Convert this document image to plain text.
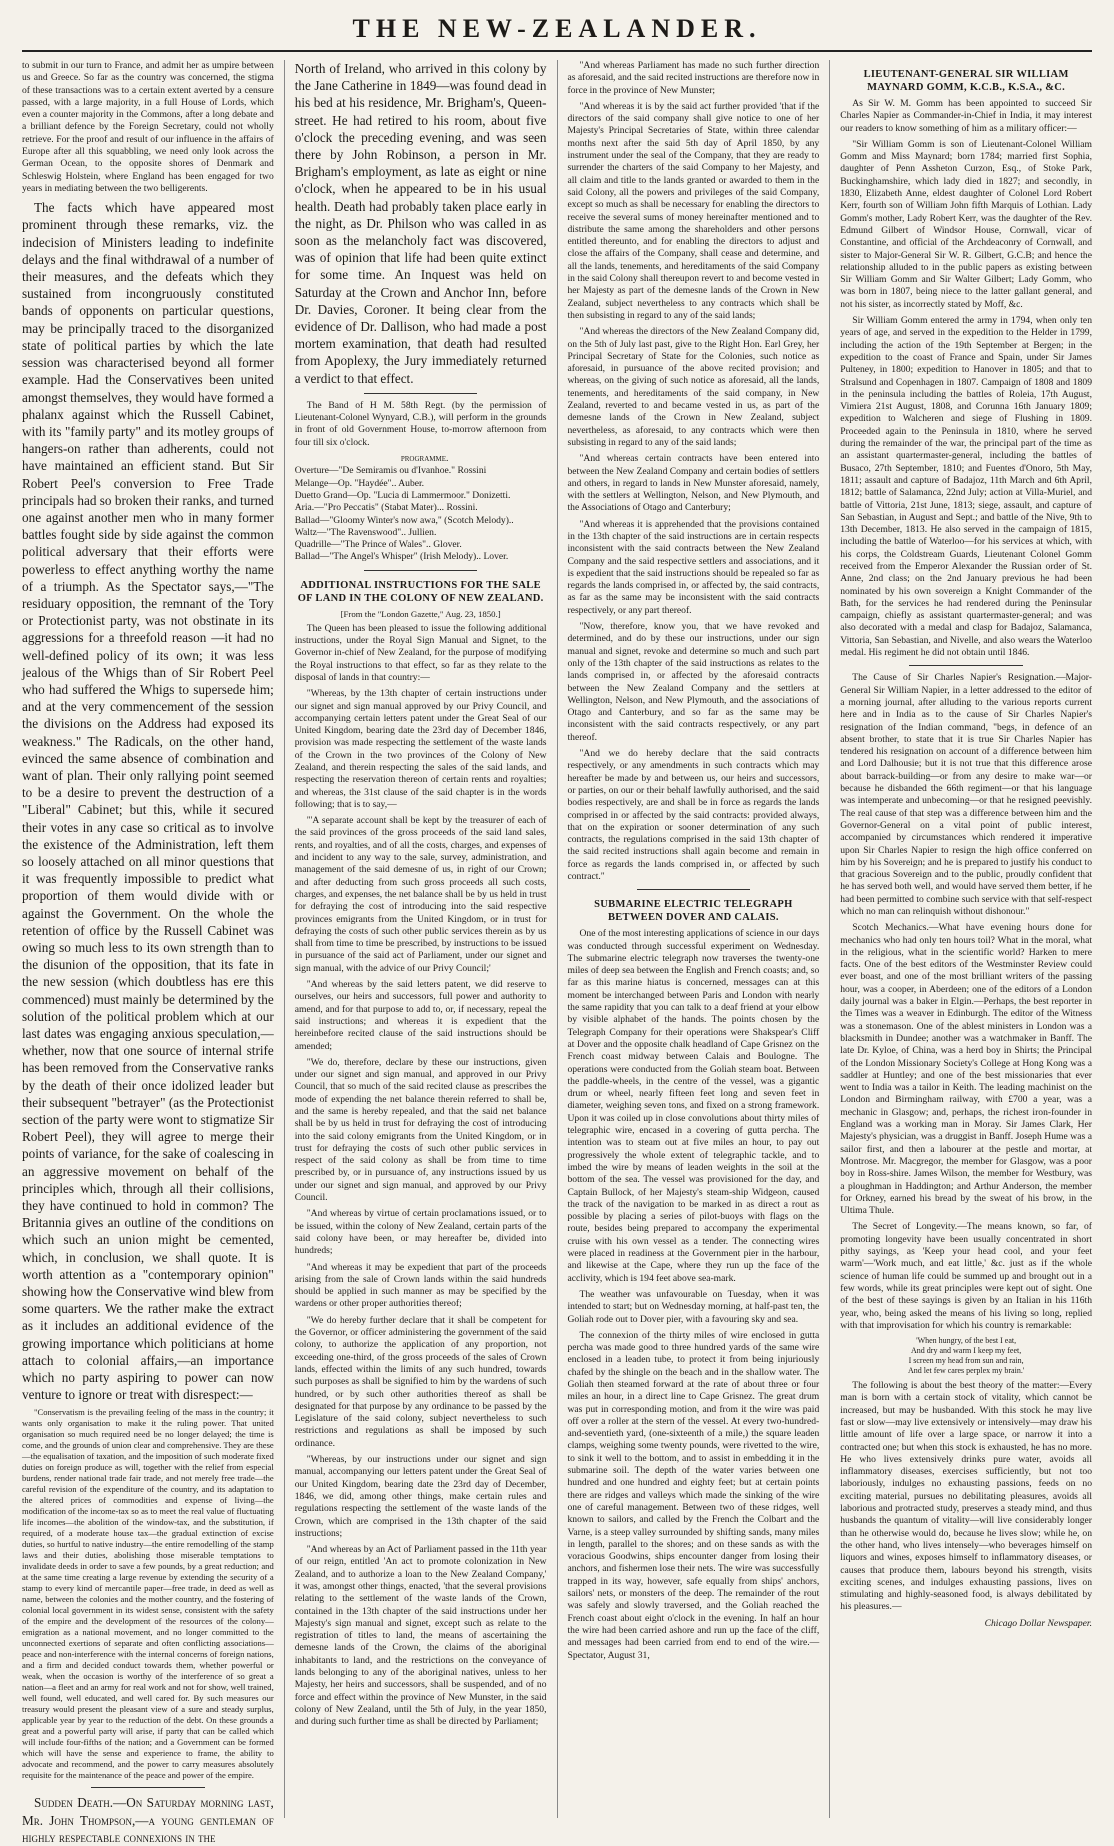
THE NEW-ZEALANDER.

to submit in our turn to France, and admit her as umpire between us and Greece. So far as the country was concerned, the stigma of these transactions was to a certain extent averted by a censure passed, with a large majority, in a full House of Lords, which even a counter majority in the Commons, after a long debate and a brilliant defence by the Foreign Secretary, could not wholly retrieve. For the proof and result of our influence in the affairs of Europe after all this squabbling, we need only look across the German Ocean, to the opposite shores of Denmark and Schleswig Holstein, where England has been engaged for two years in mediating between the two belligerents.

The facts which have appeared most prominent through these remarks, viz. the indecision of Ministers leading to indefinite delays and the final withdrawal of a number of their measures, and the defeats which they sustained from incongruously constituted bands of opponents on particular questions, may be principally traced to the disorganized state of political parties by which the late session was characterised beyond all former example. Had the Conservatives been united amongst themselves, they would have formed a phalanx against which the Russell Cabinet, with its "family party" and its motley groups of hangers-on rather than adherents, could not have maintained an efficient stand. But Sir Robert Peel's conversion to Free Trade principals had so broken their ranks, and turned one against another men who in many former battles fought side by side against the common political adversary that their efforts were powerless to effect anything worthy the name of a triumph. As the Spectator says,—"The residuary opposition, the remnant of the Tory or Protectionist party, was not obstinate in its aggressions for a threefold reason —it had no well-defined policy of its own; it was less jealous of the Whigs than of Sir Robert Peel who had suffered the Whigs to supersede him; and at the very commencement of the session the divisions on the Address had exposed its weakness." The Radicals, on the other hand, evinced the same absence of combination and want of plan. Their only rallying point seemed to be a desire to prevent the destruction of a "Liberal" Cabinet; but this, while it secured their votes in any case so critical as to involve the existence of the Administration, left them so loosely attached on all minor questions that it was frequently impossible to predict what proportion of them would divide with or against the Government. On the whole the retention of office by the Russell Cabinet was owing so much less to its own strength than to the disunion of the opposition, that its fate in the new session (which doubtless has ere this commenced) must mainly be determined by the solution of the political problem which at our last dates was engaging anxious speculation,—whether, now that one source of internal strife has been removed from the Conservative ranks by the death of their once idolized leader but their subsequent "betrayer" (as the Protectionist section of the party were wont to stigmatize Sir Robert Peel), they will agree to merge their points of variance, for the sake of coalescing in an aggressive movement on behalf of the principles which, through all their collisions, they have continued to hold in common? The Britannia gives an outline of the conditions on which such an union might be cemented, which, in conclusion, we shall quote. It is worth attention as a "contemporary opinion" showing how the Conservative wind blew from some quarters. We the rather make the extract as it includes an additional evidence of the growing importance which politicians at home attach to colonial affairs,—an importance which no party aspiring to power can now venture to ignore or treat with disrespect:—

"Conservatism is the prevailing feeling of the mass in the country; it wants only organisation to make it the ruling power. That united organisation so much required need be no longer delayed; the time is come, and the grounds of union clear and comprehensive. They are these—the equalisation of taxation, and the imposition of such moderate fixed duties on foreign produce as will, together with the relief from especial burdens, render national trade fair trade, and not merely free trade—the careful revision of the expenditure of the country, and its adaptation to the altered prices of commodities and expense of living—the modification of the income-tax so as to meet the real value of fluctuating life incomes—the abolition of the window-tax, and the substitution, if required, of a moderate house tax—the gradual extinction of excise duties, so hurtful to native industry—the entire remodelling of the stamp laws and their duties, abolishing those miserable temptations to invalidate deeds in order to save a few pounds, by a great reduction; and at the same time creating a large revenue by extending the security of a stamp to every kind of mercantile paper—free trade, in deed as well as name, between the colonies and the mother country, and the fostering of colonial local government in its widest sense, consistent with the safety of the empire and the development of the resources of the colony—emigration as a national movement, and no longer committed to the unconnected exertions of separate and often conflicting associations—peace and non-interference with the internal concerns of foreign nations, and a firm and decided conduct towards them, whether powerful or weak, when the occasion is worthy of the interference of so great a nation—a fleet and an army for real work and not for show, well trained, well found, well educated, and well cared for. By such measures our treasury would present the pleasant view of a sure and steady surplus, applicable year by year to the reduction of the debt. On these grounds a great and a powerful party will arise, if party that can be called which will include four-fifths of the nation; and a Government can be formed which will have the sense and experience to frame, the ability to advocate and recommend, and the power to carry measures absolutely requisite for the maintenance of the peace and power of the empire.

Sudden Death.—On Saturday morning last, Mr. John Thompson,—a young gentleman of highly respectable connexions in the

North of Ireland, who arrived in this colony by the Jane Catherine in 1849—was found dead in his bed at his residence, Mr. Brigham's, Queen-street. He had retired to his room, about five o'clock the preceding evening, and was seen there by John Robinson, a person in Mr. Brigham's employment, as late as eight or nine o'clock, when he appeared to be in his usual health. Death had probably taken place early in the night, as Dr. Philson who was called in as soon as the melancholy fact was discovered, was of opinion that life had been quite extinct for some time. An Inquest was held on Saturday at the Crown and Anchor Inn, before Dr. Davies, Coroner. It being clear from the evidence of Dr. Dallison, who had made a post mortem examination, that death had resulted from Apoplexy, the Jury immediately returned a verdict to that effect.

The Band of H M. 58th Regt. (by the permission of Lieutenant-Colonel Wynyard, C.B.), will perform in the grounds in front of old Government House, to-morrow afternoon from four till six o'clock.

programme.
Overture—"De Semiramis ou d'Ivanhoe." Rossini
Melange—Op. "Haydée".. Auber.
Duetto Grand—Op. "Lucia di Lammermoor." Donizetti.
Aria.—"Pro Peccatis" (Stabat Mater)... Rossini.
Ballad—"Gloomy Winter's now awa," (Scotch Melody)..
Waltz—"The Ravenswood".. Jullien.
Quadrille—"The Prince of Wales".. Glover.
Ballad—"The Angel's Whisper" (Irish Melody).. Lover.
ADDITIONAL INSTRUCTIONS FOR THE SALE OF LAND IN THE COLONY OF NEW ZEALAND.
[From the "London Gazette," Aug. 23, 1850.]

The Queen has been pleased to issue the following additional instructions, under the Royal Sign Manual and Signet, to the Governor in-chief of New Zealand, for the purpose of modifying the Royal instructions to that effect, so far as they relate to the disposal of lands in that country:—

"Whereas, by the 13th chapter of certain instructions under our signet and sign manual approved by our Privy Council, and accompanying certain letters patent under the Great Seal of our United Kingdom, bearing date the 23rd day of December 1846, provision was made respecting the settlement of the waste lands of the Crown in the two provinces of the Colony of New Zealand, and therein respecting the sales of the said lands, and respecting the reservation thereon of certain rents and royalties; and whereas, the 31st clause of the said chapter is in the words following; that is to say,—

"'A separate account shall be kept by the treasurer of each of the said provinces of the gross proceeds of the said land sales, rents, and royalties, and of all the costs, charges, and expenses of and incident to any way to the sale, survey, administration, and management of the said demesne of us, in right of our Crown; and after deducting from such gross proceeds all such costs, charges, and expenses, the net balance shall be by us held in trust for defraying the cost of introducing into the said respective provinces emigrants from the United Kingdom, or in trust for defraying the costs of such other public services therein as by us shall from time to time be prescribed, by instructions to be issued in pursuance of the said act of Parliament, under our signet and sign manual, with the advice of our Privy Council;'

"And whereas by the said letters patent, we did reserve to ourselves, our heirs and successors, full power and authority to amend, and for that purpose to add to, or, if necessary, repeal the said instructions; and whereas it is expedient that the hereinbefore recited clause of the said instructions should be amended;

"We do, therefore, declare by these our instructions, given under our signet and sign manual, and approved in our Privy Council, that so much of the said recited clause as prescribes the mode of expending the net balance therein referred to shall be, and the same is hereby repealed, and that the said net balance shall be by us held in trust for defraying the cost of introducing into the said colony emigrants from the United Kingdom, or in trust for defraying the costs of such other public services in respect of the said colony as shall be from time to time prescribed by, or in pursuance of, any instructions issued by us under our signet and sign manual, and approved by our Privy Council.

"And whereas by virtue of certain proclamations issued, or to be issued, within the colony of New Zealand, certain parts of the said colony have been, or may hereafter be, divided into hundreds;

"And whereas it may be expedient that part of the proceeds arising from the sale of Crown lands within the said hundreds should be applied in such manner as may be specified by the wardens or other proper authorities thereof;

"We do hereby further declare that it shall be competent for the Governor, or officer administering the government of the said colony, to authorize the application of any proportion, not exceeding one-third, of the gross proceeds of the sales of Crown lands, effected within the limits of any such hundred, towards such purposes as shall be signified to him by the wardens of such hundred, or by such other authorities thereof as shall be designated for that purpose by any ordinance to be passed by the Legislature of the said colony, subject nevertheless to such restrictions and regulations as shall be imposed by such ordinance.

"Whereas, by our instructions under our signet and sign manual, accompanying our letters patent under the Great Seal of our United Kingdom, bearing date the 23rd day of December, 1846, we did, among other things, make certain rules and regulations respecting the settlement of the waste lands of the Crown, which are comprised in the 13th chapter of the said instructions;

"And whereas by an Act of Parliament passed in the 11th year of our reign, entitled 'An act to promote colonization in New Zealand, and to authorize a loan to the New Zealand Company,' it was, amongst other things, enacted, 'that the several provisions relating to the settlement of the waste lands of the Crown, contained in the 13th chapter of the said instructions under her Majesty's sign manual and signet, except such as relate to the registration of titles to land, the means of ascertaining the demesne lands of the Crown, the claims of the aboriginal inhabitants to land, and the restrictions on the conveyance of lands belonging to any of the aboriginal natives, unless to her Majesty, her heirs and successors, shall be suspended, and of no force and effect within the province of New Munster, in the said colony of New Zealand, until the 5th of July, in the year 1850, and during such further time as shall be directed by Parliament;

"And whereas Parliament has made no such further direction as aforesaid, and the said recited instructions are therefore now in force in the province of New Munster;

"And whereas it is by the said act further provided 'that if the directors of the said company shall give notice to one of her Majesty's Principal Secretaries of State, within three calendar months next after the said 5th day of April 1850, by any instrument under the seal of the Company, that they are ready to surrender the charters of the said Company to her Majesty, and all claim and title to the lands granted or awarded to them in the said Colony, all the powers and privileges of the said Company, except so much as shall be necessary for enabling the directors to receive the several sums of money hereinafter mentioned and to distribute the same among the shareholders and other persons entitled thereunto, and for enabling the directors to adjust and close the affairs of the Company, shall cease and determine, and all the lands, tenements, and hereditaments of the said Company in the said Colony shall thereupon revert to and become vested in her Majesty as part of the demesne lands of the Crown in New Zealand, subject nevertheless to any contracts which shall be then subsisting in regard to any of the said lands;

"And whereas the directors of the New Zealand Company did, on the 5th of July last past, give to the Right Hon. Earl Grey, her Principal Secretary of State for the Colonies, such notice as aforesaid, in pursuance of the above recited provision; and whereas, on the giving of such notice as aforesaid, all the lands, tenements, and hereditaments of the said company, in New Zealand, reverted to and became vested in us, as part of the demesne lands of the Crown in New Zealand, subject nevertheless, as aforesaid, to any contracts which were then subsisting in regard to any of the said lands;

"And whereas certain contracts have been entered into between the New Zealand Company and certain bodies of settlers and others, in regard to lands in New Munster aforesaid, namely, with the settlers at Wellington, Nelson, and New Plymouth, and the Associations of Otago and Canterbury;

"And whereas it is apprehended that the provisions contained in the 13th chapter of the said instructions are in certain respects inconsistent with the said contracts between the New Zealand Company and the said respective settlers and associations, and it is expedient that the said instructions should be repealed so far as regards the lands comprised in, or affected by, the said contracts, as far as the same may be inconsistent with the said contracts respectively, or any part thereof.

"Now, therefore, know you, that we have revoked and determined, and do by these our instructions, under our sign manual and signet, revoke and determine so much and such part only of the 13th chapter of the said instructions as relates to the lands comprised in, or affected by the aforesaid contracts between the New Zealand Company and the settlers at Wellington, Nelson, and New Plymouth, and the associations of Otago and Canterbury, and so far as the same may be inconsistent with the said contracts respectively, or any part thereof.

"And we do hereby declare that the said contracts respectively, or any amendments in such contracts which may hereafter be made by and between us, our heirs and successors, or parties, on our or their behalf lawfully authorised, and the said bodies respectively, are and shall be in force as regards the lands comprised in or affected by the said contracts: provided always, that on the expiration or sooner determination of any such contracts, the regulations comprised in the said 13th chapter of the said recited instructions shall again become and remain in force as regards the lands comprised in, or affected by such contract."

SUBMARINE ELECTRIC TELEGRAPH BETWEEN DOVER AND CALAIS.

One of the most interesting applications of science in our days was conducted through successful experiment on Wednesday. The submarine electric telegraph now traverses the twenty-one miles of deep sea between the English and French coasts; and, so far as this marine hiatus is concerned, messages can at this moment be interchanged between Paris and London with nearly the same rapidity that you can talk to a deaf friend at your elbow by visible alphabet of the hands. The points chosen by the Telegraph Company for their operations were Shakspear's Cliff at Dover and the opposite chalk headland of Cape Grisnez on the French coast midway between Calais and Boulogne. The operations were conducted from the Goliah steam boat. Between the paddle-wheels, in the centre of the vessel, was a gigantic drum or wheel, nearly fifteen feet long and seven feet in diameter, weighing seven tons, and fixed on a strong framework. Upon it was coiled up in close convolutions about thirty miles of telegraphic wire, encased in a covering of gutta percha. The intention was to steam out at five miles an hour, to pay out progressively the whole extent of telegraphic tackle, and to imbed the wire by means of leaden weights in the soil at the bottom of the sea. The vessel was provisioned for the day, and Captain Bullock, of her Majesty's steam-ship Widgeon, caused the track of the navigation to be marked in as direct a rout as possible by placing a series of pilot-buoys with flags on the route, besides being prepared to accompany the experimental cruise with his own vessel as a tender. The connecting wires were placed in readiness at the Government pier in the harbour, and likewise at the Cape, where they run up the face of the acclivity, which is 194 feet above sea-mark.

The weather was unfavourable on Tuesday, when it was intended to start; but on Wednesday morning, at half-past ten, the Goliah rode out to Dover pier, with a favouring sky and sea.

The connexion of the thirty miles of wire enclosed in gutta percha was made good to three hundred yards of the same wire enclosed in a leaden tube, to protect it from being injuriously chafed by the shingle on the beach and in the shallow water. The Goliah then steamed forward at the rate of about three or four miles an hour, in a direct line to Cape Grisnez. The great drum was put in corresponding motion, and from it the wire was paid off over a roller at the stern of the vessel. At every two-hundred-and-seventieth yard, (one-sixteenth of a mile,) the square leaden clamps, weighing some twenty pounds, were rivetted to the wire, to sink it well to the bottom, and to assist in embedding it in the submarine soil. The depth of the water varies between one hundred and one hundred and eighty feet; but at certain points there are ridges and valleys which made the sinking of the wire one of careful management. Between two of these ridges, well known to sailors, and called by the French the Colbart and the Varne, is a steep valley surrounded by shifting sands, many miles in length, parallel to the shores; and on these sands as with the voracious Goodwins, ships encounter danger from losing their anchors, and fishermen lose their nets. The wire was successfully trapped in its way, however, safe equally from ships' anchors, sailors' nets, or monsters of the deep. The remainder of the rout was safely and slowly traversed, and the Goliah reached the French coast about eight o'clock in the evening. In half an hour the wire had been carried ashore and run up the face of the cliff, and messages had been carried from end to end of the wire.—Spectator, August 31,

LIEUTENANT-GENERAL SIR WILLIAM MAYNARD GOMM, K.C.B., K.S.A., &C.

As Sir W. M. Gomm has been appointed to succeed Sir Charles Napier as Commander-in-Chief in India, it may interest our readers to know something of him as a military officer:—

"Sir William Gomm is son of Lieutenant-Colonel William Gomm and Miss Maynard; born 1784; married first Sophia, daughter of Penn Assheton Curzon, Esq., of Stoke Park, Buckinghamshire, which lady died in 1827; and secondly, in 1830, Elizabeth Anne, eldest daughter of Colonel Lord Robert Kerr, fourth son of William John fifth Marquis of Lothian. Lady Gomm's mother, Lady Robert Kerr, was the daughter of the Rev. Edmund Gilbert of Windsor House, Cornwall, vicar of Constantine, and official of the Archdeaconry of Cornwall, and sister to Major-General Sir W. R. Gilbert, G.C.B; and hence the relationship alluded to in the public papers as existing between Sir William Gomm and Sir Walter Gilbert; Lady Gomm, who was born in 1807, being niece to the latter gallant general, and not his sister, as incorrectly stated by Moff, &c.

Sir William Gomm entered the army in 1794, when only ten years of age, and served in the expedition to the Helder in 1799, including the action of the 19th September at Bergen; in the expedition to the coast of France and Spain, under Sir James Pulteney, in 1800; expedition to Hanover in 1805; and that to Stralsund and Copenhagen in 1807. Campaign of 1808 and 1809 in the peninsula including the battles of Roleia, 17th August, Vimiera 21st August, 1808, and Corunna 16th January 1809; expedition to Walcheren and siege of Flushing in 1809. Proceeded again to the Peninsula in 1810, where he served during the remainder of the war, the principal part of the time as an assistant quartermaster-general, including the battles of Busaco, 27th September, 1810; and Fuentes d'Onoro, 5th May, 1811; assault and capture of Badajoz, 11th March and 6th April, 1812; battle of Salamanca, 22nd July; action at Villa-Muriel, and battle of Vittoria, 21st June, 1813; siege, assault, and capture of San Sebastian, in August and Sept.; and battle of the Nive, 9th to 13th December, 1813. He also served in the campaign of 1815, including the battle of Waterloo—for his services at which, with his corps, the Coldstream Guards, Lieutenant Colonel Gomm received from the Emperor Alexander the Russian order of St. Anne, 2nd class; on the 2nd January previous he had been nominated by his own sovereign a Knight Commander of the Bath, for the services he had rendered during the Peninsular campaign, chiefly as assistant quartermaster-general; and was also decorated with a medal and clasp for Badajoz, Salamanca, Vittoria, San Sebastian, and Nivelle, and also wears the Waterloo medal. His regiment he did not obtain until 1846.

The Cause of Sir Charles Napier's Resignation.—Major-General Sir William Napier, in a letter addressed to the editor of a morning journal, after alluding to the various reports current here and in India as to the cause of Sir Charles Napier's resignation of the Indian command, "begs, in defence of an absent brother, to state that it is true Sir Charles Napier has tendered his resignation on account of a difference between him and Lord Dalhousie; but it is not true that this difference arose about barrack-building—or from any desire to make war—or because he disbanded the 66th regiment—or that his language was intemperate and unbecoming—or that he resigned peevishly. The real cause of that step was a difference between him and the Governor-General on a vital point of public interest, accompanied by circumstances which rendered it imperative upon Sir Charles Napier to resign the high office conferred on him by his Sovereign; and he is prepared to justify his conduct to that gracious Sovereign and to the public, proudly confident that he has served both well, and would have served them better, if he had been permitted to combine such service with that self-respect which no man can relinquish without dishonour."

Scotch Mechanics.—What have evening hours done for mechanics who had only ten hours toil? What in the moral, what in the religious, what in the scientific world? Harken to mere facts. One of the best editors of the Westminster Review could ever boast, and one of the most brilliant writers of the passing hour, was a cooper, in Aberdeen; one of the editors of a London daily journal was a baker in Elgin.—Perhaps, the best reporter in the Times was a weaver in Edinburgh. The editor of the Witness was a stonemason. One of the ablest ministers in London was a blacksmith in Dundee; another was a watchmaker in Banff. The late Dr. Kyloe, of China, was a herd boy in Shirts; the Principal of the London Missionary Society's College at Hong Kong was a saddler at Huntley; and one of the best missionaries that ever went to India was a tailor in Keith. The leading machinist on the London and Birmingham railway, with £700 a year, was a mechanic in Glasgow; and, perhaps, the richest iron-founder in England was a working man in Moray. Sir James Clark, Her Majesty's physician, was a druggist in Banff. Joseph Hume was a sailor first, and then a labourer at the pestle and mortar, at Montrose. Mr. Macgregor, the member for Glasgow, was a poor boy in Ross-shire. James Wilson, the member for Westbury, was a ploughman in Haddington; and Arthur Anderson, the member for Orkney, earned his bread by the sweat of his brow, in the Ultima Thule.

The Secret of Longevity.—The means known, so far, of promoting longevity have been usually concentrated in short pithy sayings, as 'Keep your head cool, and your feet warm'—'Work much, and eat little,' &c. just as if the whole science of human life could be summed up and brought out in a few words, while its great principles were kept out of sight. One of the best of these sayings is given by an Italian in his 116th year, who, being asked the means of his living so long, replied with that improvisation for which his country is remarkable:

'When hungry, of the best I eat,
And dry and warm I keep my feet,
I screen my head from sun and rain,
And let few cares perplex my brain.'

The following is about the best theory of the matter:—Every man is born with a certain stock of vitality, which cannot be increased, but may be husbanded. With this stock he may live fast or slow—may live extensively or intensively—may draw his little amount of life over a large space, or narrow it into a contracted one; but when this stock is exhausted, he has no more. He who lives extensively drinks pure water, avoids all inflammatory diseases, exercises sufficiently, but not too laboriously, indulges no exhausting passions, feeds on no exciting material, pursues no debilitating pleasures, avoids all laborious and protracted study, preserves a steady mind, and thus husbands the quantum of vitality—will live considerably longer than he otherwise would do, because he lives slow; while he, on the other hand, who lives intensely—who beverages himself on liquors and wines, exposes himself to inflammatory diseases, or causes that produce them, labours beyond his strength, visits exciting scenes, and indulges exhausting passions, lives on stimulating and highly-seasoned food, is always debilitated by his pleasures.—

Chicago Dollar Newspaper.
